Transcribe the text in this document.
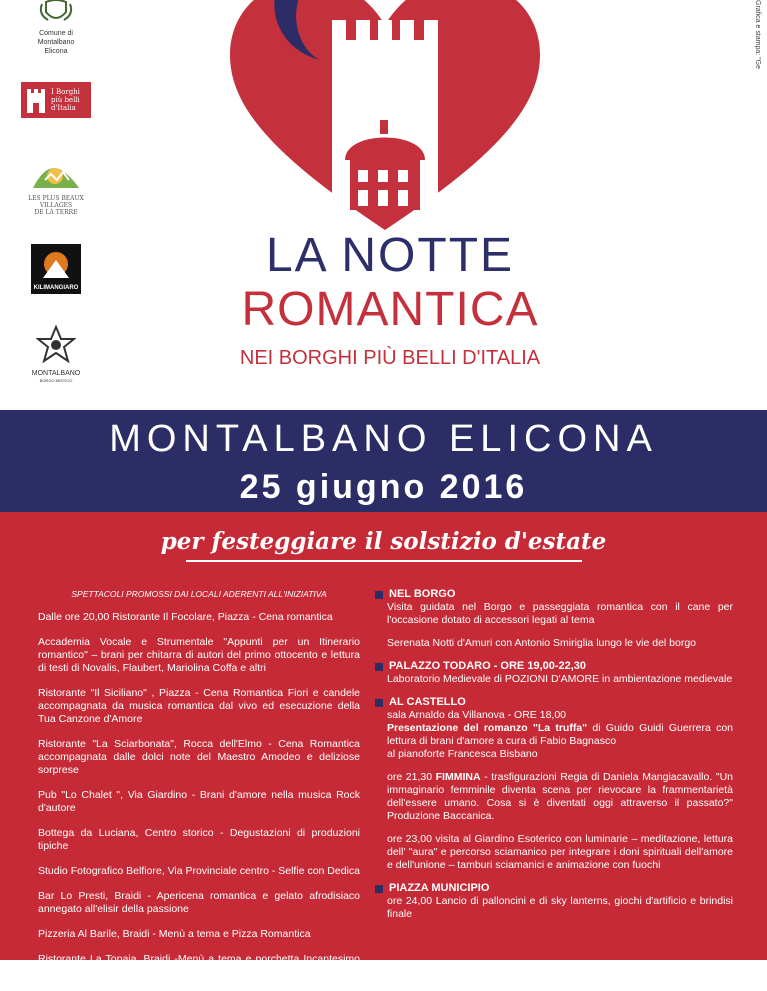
Grafica e stampa: "Ge
Comune di
Montalbano
Elicona
I Borghi
più belli
d'Italia
LES PLUS BEAUX
VILLAGES
DE LA TERRE
KILIMANGIARO
MONTALBANO
BORGO MISTICO
LA NOTTE
ROMANTICA
NEI BORGHI PIÙ BELLI D'ITALIA
MONTALBANO ELICONA
25 giugno 2016
per festeggiare il solstizio d'estate
SPETTACOLI PROMOSSI DAI LOCALI ADERENTI ALL'INIZIATIVA
Dalle ore 20,00 Ristorante Il Focolare, Piazza - Cena romantica
Accademia Vocale e Strumentale "Appunti per un Itinerario romantico" – brani per chitarra di autori del primo ottocento e lettura di testi di Novalis, Flaubert, Mariolina Coffa e altri
Ristorante "Il Siciliano" , Piazza - Cena Romantica Fiori e candele accompagnata da musica romantica dal vivo ed esecuzione della Tua Canzone d'Amore
Ristorante "La Sciarbonata", Rocca dell'Elmo - Cena Romantica accompagnata dalle dolci note del Maestro Amodeo e deliziose sorprese
Pub "Lo Chalet ", Via Giardino - Brani d'amore nella musica Rock d'autore
Bottega da Luciana, Centro storico - Degustazioni di produzioni tipiche
Studio Fotografico Belfiore, Via Provinciale centro - Selfie con Dedica
Bar Lo Presti, Braidi - Apericena romantica e gelato afrodisiaco annegato all'elisir della passione
Pizzeria Al Barile, Braidi - Menù a tema e Pizza Romantica
Ristorante La Topaia, Braidi -Menù a tema e porchetta Incantesimo d'amore
NEL BORGO

Visita guidata nel Borgo e passeggiata romantica con il cane per l'occasione dotato di accessori legati al tema

Serenata Notti d'Amuri con Antonio Smiriglia lungo le vie del borgo

PALAZZO TODARO - ORE 19,00-22,30

Laboratorio Medievale di POZIONI D'AMORE in ambientazione medievale

AL CASTELLO

sala Arnaldo da Villanova - ORE 18,00
Presentazione del romanzo "La truffa" di Guido Guidi Guerrera con lettura di brani d'amore a cura di Fabio Bagnasco
al pianoforte Francesca Bisbano

ore 21,30 FIMMINA - trasfigurazioni Regia di Daniela Mangiacavallo. "Un immaginario femminile diventa scena per rievocare la frammentarietà dell'essere umano. Cosa si è diventati oggi attraverso il passato?" Produzione Baccanica.

ore 23,00 visita al Giardino Esoterico con luminarie – meditazione, lettura dell' "aura" e percorso sciamanico per integrare i doni spirituali dell'amore e dell'unione – tamburi sciamanici e animazione con fuochi

PIAZZA MUNICIPIO

ore 24,00 Lancio di palloncini e di sky lanterns, giochi d'artificio e brindisi finale
